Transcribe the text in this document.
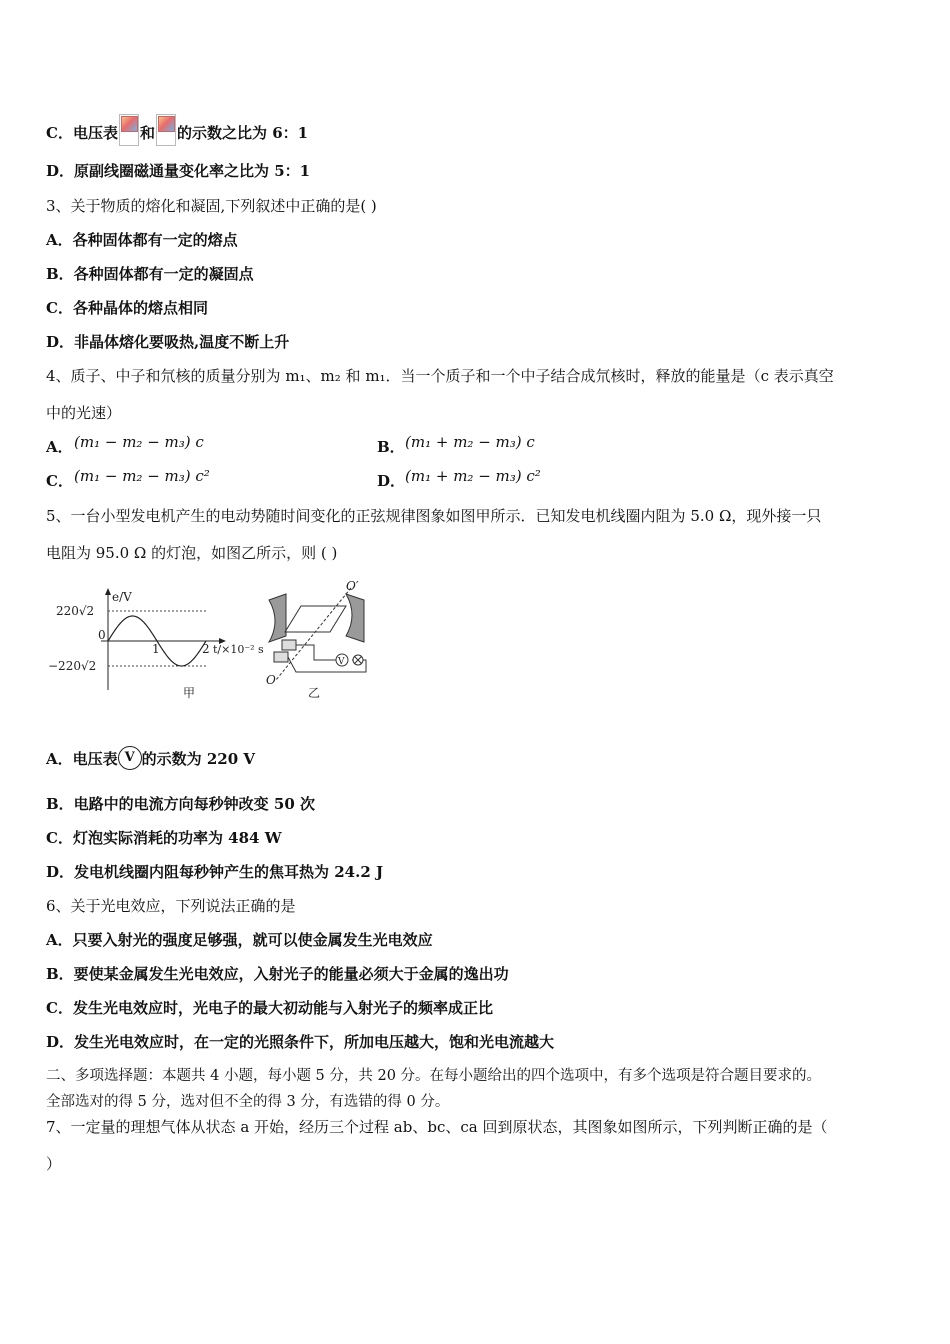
C．电压表 和 的示数之比为 6：1
D．原副线圈磁通量变化率之比为 5：1
3、关于物质的熔化和凝固,下列叙述中正确的是( )
A．各种固体都有一定的熔点
B．各种固体都有一定的凝固点
C．各种晶体的熔点相同
D．非晶体熔化要吸热,温度不断上升
4、质子、中子和氘核的质量分别为 m₁、m₂ 和 m₁．当一个质子和一个中子结合成氘核时，释放的能量是（c 表示真空
中的光速）
A． (m₁ − m₂ − m₃) c	B． (m₁ + m₂ − m₃) c
C． (m₁ − m₂ − m₃) c²	D． (m₁ + m₂ − m₃) c²
5、一台小型发电机产生的电动势随时间变化的正弦规律图象如图甲所示．已知发电机线圈内阻为 5.0 Ω，现外接一只
电阻为 95.0 Ω 的灯泡，如图乙所示，则 ( )
e/V
220√2
0
−220√2
1	2 t/×10⁻² s
甲
V
O′
O
乙
A．电压表 V 的示数为 220 V
B．电路中的电流方向每秒钟改变 50 次
C．灯泡实际消耗的功率为 484 W
D．发电机线圈内阻每秒钟产生的焦耳热为 24.2 J
6、关于光电效应，下列说法正确的是
A．只要入射光的强度足够强，就可以使金属发生光电效应
B．要使某金属发生光电效应，入射光子的能量必须大于金属的逸出功
C．发生光电效应时，光电子的最大初动能与入射光子的频率成正比
D．发生光电效应时，在一定的光照条件下，所加电压越大，饱和光电流越大
二、多项选择题：本题共 4 小题，每小题 5 分，共 20 分。在每小题给出的四个选项中，有多个选项是符合题目要求的。
全部选对的得 5 分，选对但不全的得 3 分，有选错的得 0 分。
7、一定量的理想气体从状态 a 开始，经历三个过程 ab、bc、ca 回到原状态，其图象如图所示，下列判断正确的是（
）
